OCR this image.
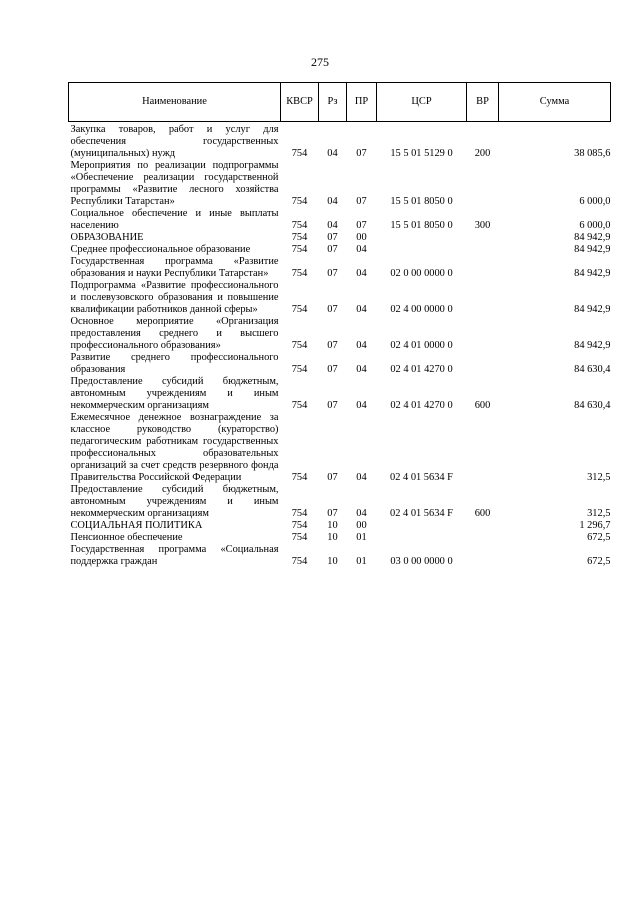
275
Наименование	КВСР	Рз	ПР	ЦСР	ВР	Сумма
Закупка товаров, работ и услуг для обеспечения государственных (муниципальных) нужд	754	04	07	15 5 01 5129 0	200	38 085,6
Мероприятия по реализации подпрограммы «Обеспечение реализации государственной программы «Развитие лесного хозяйства Республики Татарстан»	754	04	07	15 5 01 8050 0		6 000,0
Социальное обеспечение и иные выплаты населению	754	04	07	15 5 01 8050 0	300	6 000,0
ОБРАЗОВАНИЕ	754	07	00			84 942,9
Среднее профессиональное образование	754	07	04			84 942,9
Государственная программа «Развитие образования и науки Республики Татарстан»	754	07	04	02 0 00 0000 0		84 942,9
Подпрограмма «Развитие профессионального и послевузовского образования и повышение квалификации работников данной сферы»	754	07	04	02 4 00 0000 0		84 942,9
Основное мероприятие «Организация предоставления среднего и высшего профессионального образования»	754	07	04	02 4 01 0000 0		84 942,9
Развитие среднего профессионального образования	754	07	04	02 4 01 4270 0		84 630,4
Предоставление субсидий бюджетным, автономным учреждениям и иным некоммерческим организациям	754	07	04	02 4 01 4270 0	600	84 630,4
Ежемесячное денежное вознаграждение за классное руководство (кураторство) педагогическим работникам государственных профессиональных образовательных организаций за счет средств резервного фонда Правительства Российской Федерации	754	07	04	02 4 01 5634 F		312,5
Предоставление субсидий бюджетным, автономным учреждениям и иным некоммерческим организациям	754	07	04	02 4 01 5634 F	600	312,5
СОЦИАЛЬНАЯ ПОЛИТИКА	754	10	00			1 296,7
Пенсионное обеспечение	754	10	01			672,5
Государственная программа «Социальная поддержка граждан	754	10	01	03 0 00 0000 0		672,5
